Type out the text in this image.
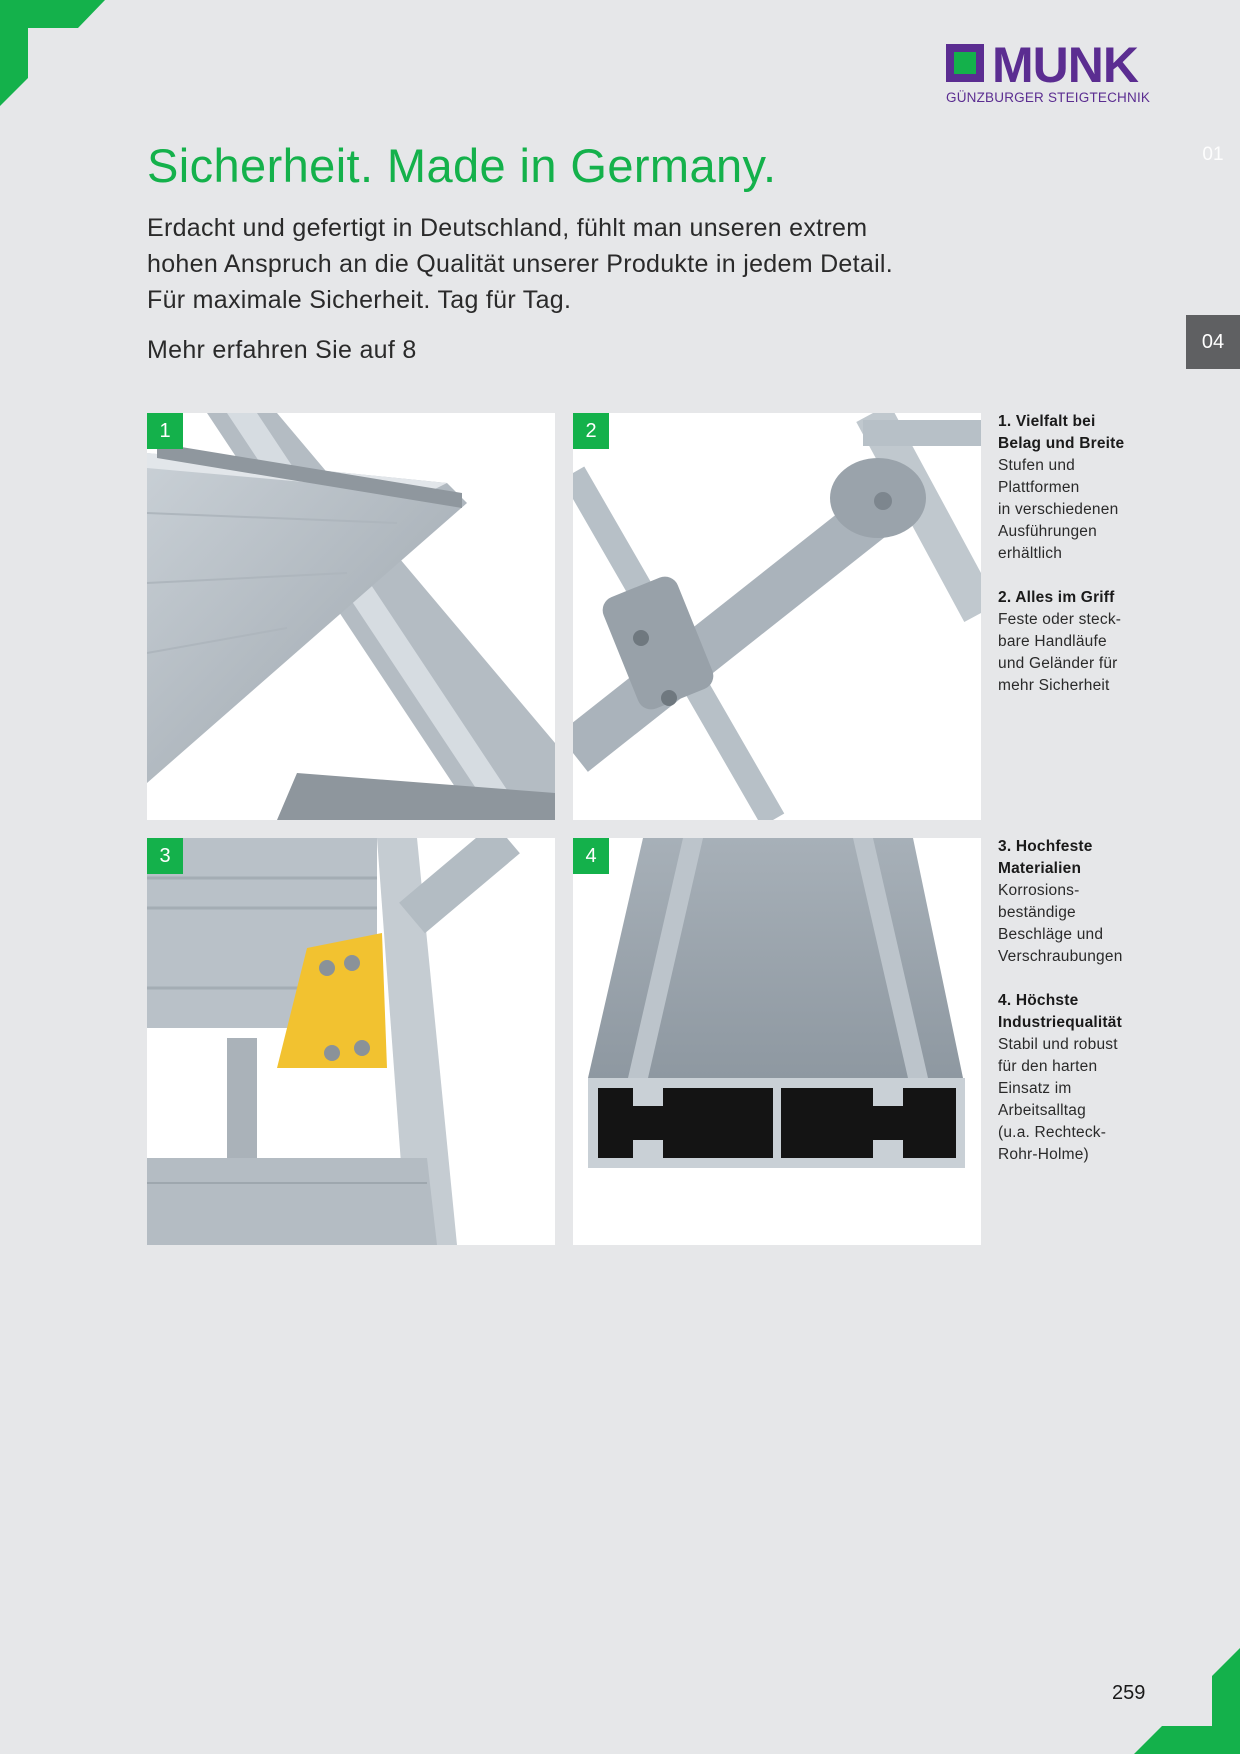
MUNK
GÜNZBURGER STEIGTECHNIK
01
04
Sicherheit. Made in Germany.

Erdacht und gefertigt in Deutschland, fühlt man unseren extrem hohen Anspruch an die Qualität unserer Produkte in jedem Detail. Für maximale Sicherheit. Tag für Tag.

Mehr erfahren Sie auf 8
1	2
3	4
1. Vielfalt bei
Belag und Breite
Stufen und
Plattformen
in verschiedenen
Ausführungen
erhältlich
2. Alles im Griff
Feste oder steck-
bare Handläufe
und Geländer für
mehr Sicherheit
3. Hochfeste
Materialien
Korrosions-
beständige
Beschläge und
Verschraubungen
4. Höchste
Industriequalität
Stabil und robust
für den harten
Einsatz im
Arbeitsalltag
(u.a. Rechteck-
Rohr-Holme)
259
